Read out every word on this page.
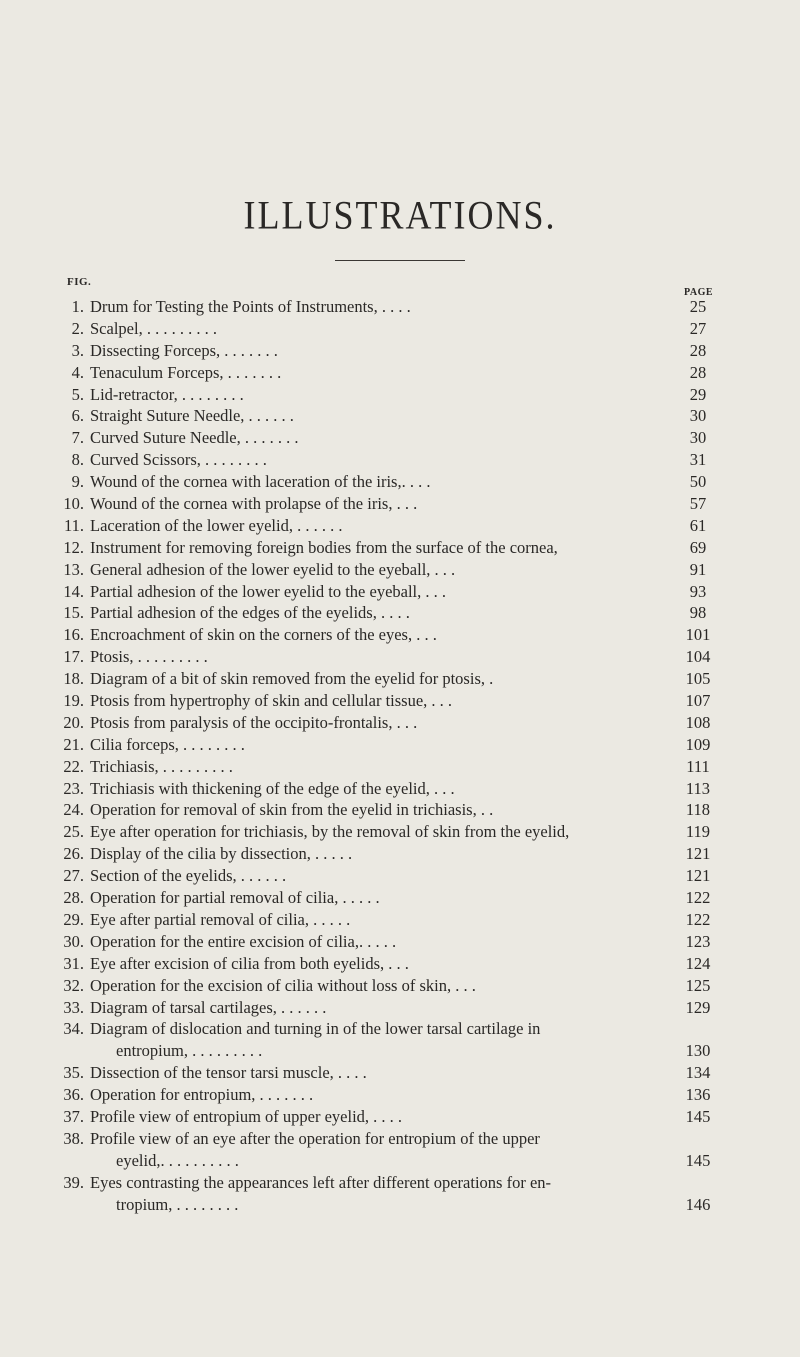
ILLUSTRATIONS.
FIG.
PAGE
1. Drum for Testing the Points of Instruments, . . . .	25
2. Scalpel, . . . . . . . . .	27
3. Dissecting Forceps, . . . . . . .	28
4. Tenaculum Forceps, . . . . . . .	28
5. Lid-retractor, . . . . . . . .	29
6. Straight Suture Needle, . . . . . .	30
7. Curved Suture Needle, . . . . . . .	30
8. Curved Scissors, . . . . . . . .	31
9. Wound of the cornea with laceration of the iris,. . . .	50
10. Wound of the cornea with prolapse of the iris, . . .	57
11. Laceration of the lower eyelid, . . . . . .	61
12. Instrument for removing foreign bodies from the surface of the cornea,	69
13. General adhesion of the lower eyelid to the eyeball, . . .	91
14. Partial adhesion of the lower eyelid to the eyeball, . . .	93
15. Partial adhesion of the edges of the eyelids, . . . .	98
16. Encroachment of skin on the corners of the eyes, . . .	101
17. Ptosis, . . . . . . . . .	104
18. Diagram of a bit of skin removed from the eyelid for ptosis, .	105
19. Ptosis from hypertrophy of skin and cellular tissue, . . .	107
20. Ptosis from paralysis of the occipito-frontalis, . . .	108
21. Cilia forceps, . . . . . . . .	109
22. Trichiasis, . . . . . . . . .	111
23. Trichiasis with thickening of the edge of the eyelid, . . .	113
24. Operation for removal of skin from the eyelid in trichiasis, . .	118
25. Eye after operation for trichiasis, by the removal of skin from the eyelid,	119
26. Display of the cilia by dissection, . . . . .	121
27. Section of the eyelids, . . . . . .	121
28. Operation for partial removal of cilia, . . . . .	122
29. Eye after partial removal of cilia, . . . . .	122
30. Operation for the entire excision of cilia,. . . . .	123
31. Eye after excision of cilia from both eyelids, . . .	124
32. Operation for the excision of cilia without loss of skin, . . .	125
33. Diagram of tarsal cartilages, . . . . . .	129
34. Diagram of dislocation and turning in of the lower tarsal cartilage in
entropium, . . . . . . . . .	130
35. Dissection of the tensor tarsi muscle, . . . .	134
36. Operation for entropium, . . . . . . .	136
37. Profile view of entropium of upper eyelid, . . . .	145
38. Profile view of an eye after the operation for entropium of the upper
eyelid,. . . . . . . . . .	145
39. Eyes contrasting the appearances left after different operations for en-
tropium, . . . . . . . .	146
